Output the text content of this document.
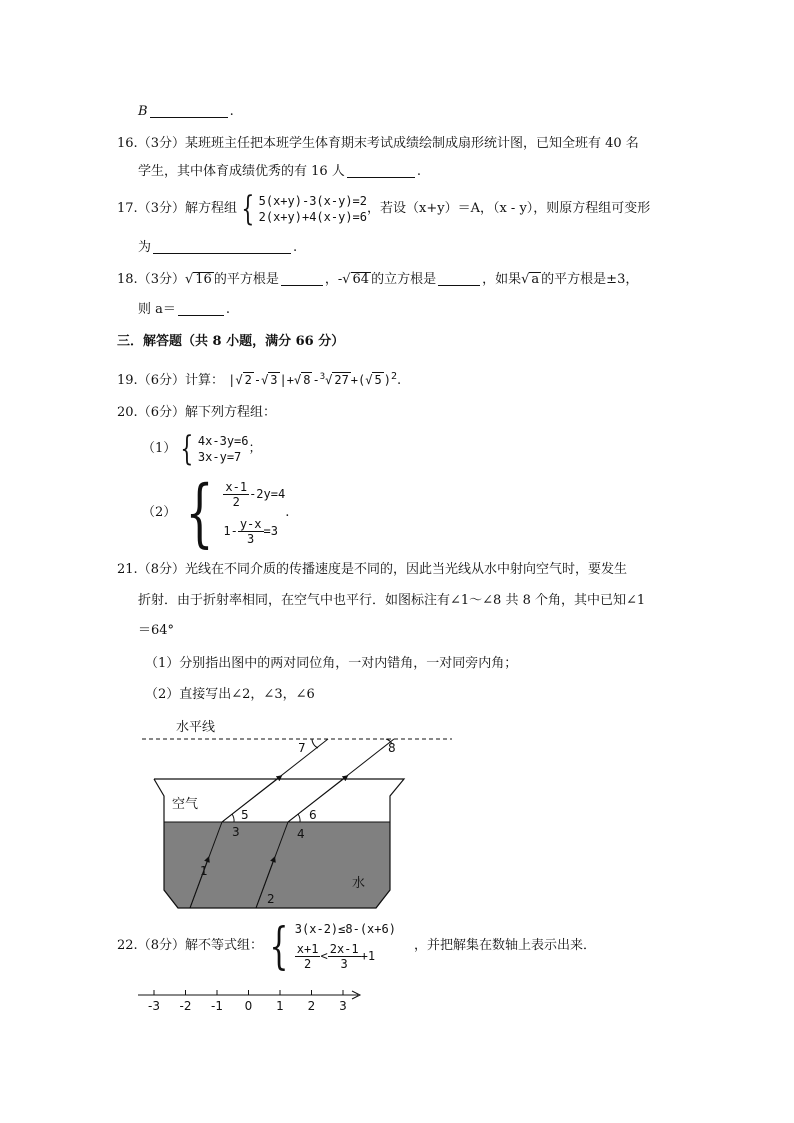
B	.
16.（3分）某班班主任把本班学生体育期末考试成绩绘制成扇形统计图，已知全班有 40 名
学生，其中体育成绩优秀的有 16 人	.
17.（3分）解方程组 { 5(x+y)-3(x-y)=2
2(x+y)+4(x-y)=6
，若设（x+y）＝A，（x - y），则原方程组可变形
为	.
18.（3分）√ 16 的平方根是	，-√ 64 的立方根是	，如果√ a 的平方根是±3，
则 a＝	.
三．解答题（共 8 小题，满分 66 分）
19.（6分）计算： |√ 2 -√ 3 |+√ 8 -$^3$√ 27 +(√ 5 )$^2$.
20.（6分）解下列方程组：
（1） { 4x-3y=6
3x-y=7
；
（2） { $\frac{x-1}{2} -2y=4$
$1- \frac{y-x}{3} =3$
.
21.（8分）光线在不同介质的传播速度是不同的，因此当光线从水中射向空气时，要发生
折射．由于折射率相同，在空气中也平行．如图标注有∠1～∠8 共 8 个角，其中已知∠1
＝64°
（1）分别指出图中的两对同位角，一对内错角，一对同旁内角；
（2）直接写出∠2，∠3，∠6
水平线
空气
水
1
2
3	4
5	6
7	8
22.（8分）解不等式组： { 3(x-2)≤8-(x+6)
$\frac{x+1}{2} < \frac{2x-1}{3} +1$
，并把解集在数轴上表示出来．
-3 -2 -1 0 1 2 3
